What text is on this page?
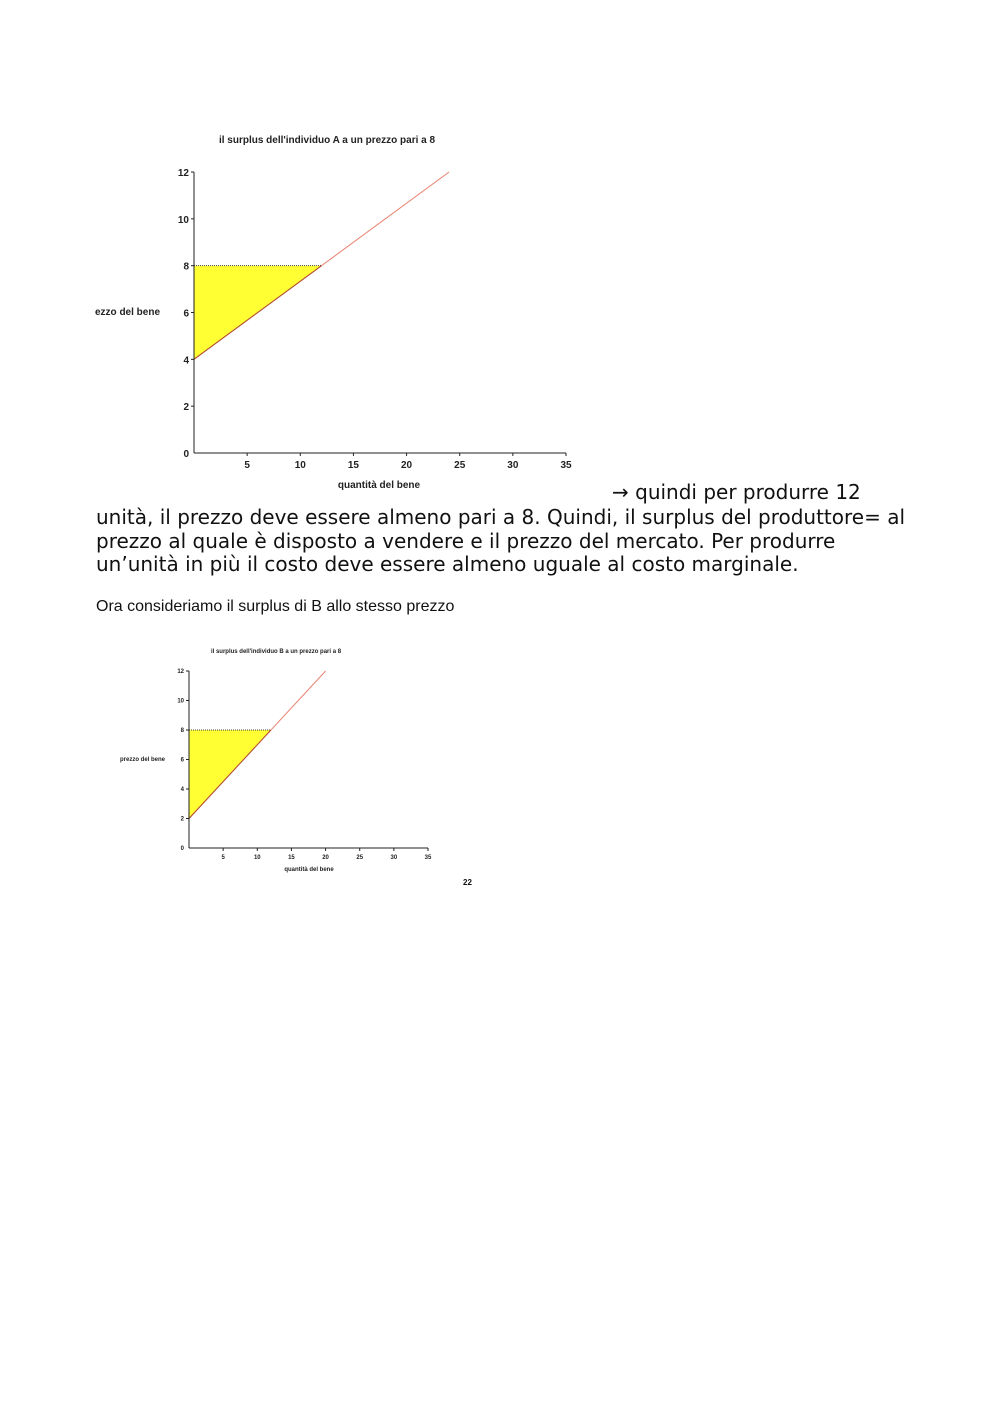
5	10	15	20	25	30	35
0
2
4
6
8
10
12
il surplus dell'individuo A a un prezzo pari a 8
quantità del bene
ezzo del bene

→ quindi per produrre 12

unità, il prezzo deve essere almeno pari a 8. Quindi, il surplus del produttore= al prezzo al quale è disposto a vendere e il prezzo del mercato. Per produrre un’unità in più il costo deve essere almeno uguale al costo marginale.

Ora consideriamo il surplus di B allo stesso prezzo

5	10	15	20	25	30	35
0
2
4
6
8
10
12
il surplus dell'individuo B a un prezzo pari a 8
quantità del bene
prezzo del bene
22
